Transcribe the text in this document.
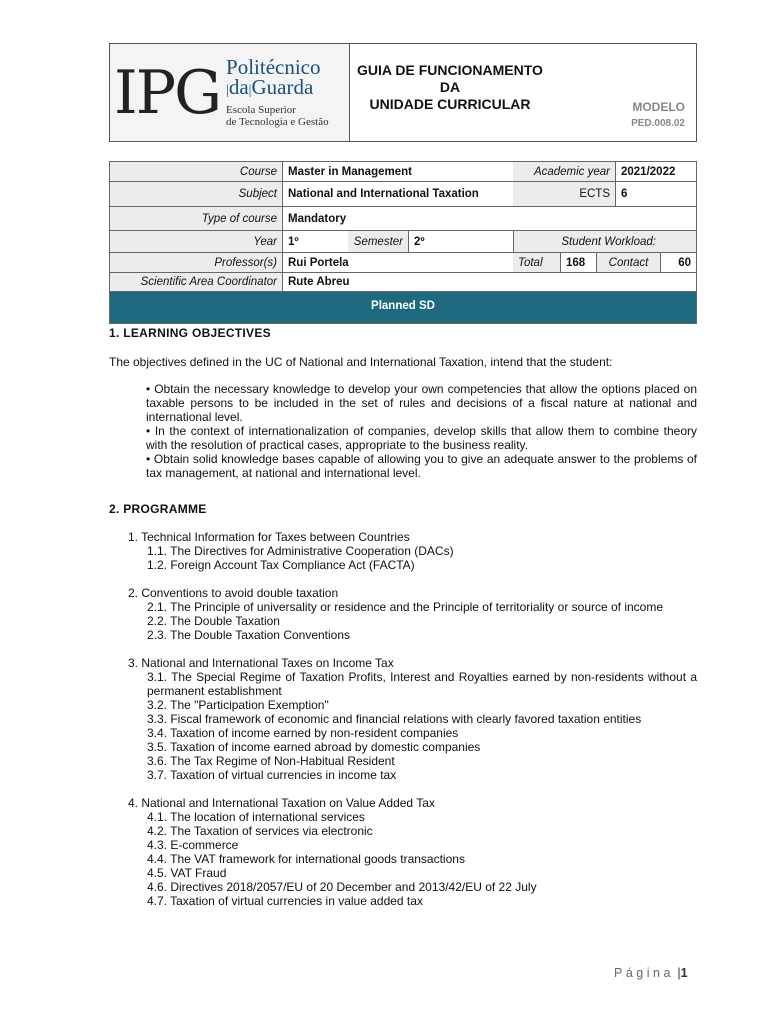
IPG Politécnico
|da|Guarda
Escola Superior
de Tecnologia e Gestão
GUIA DE FUNCIONAMENTO DA
UNIDADE CURRICULAR	MODELO
PED.008.02
Course Master in Management	Academic year 2021/2022
Subject National and International Taxation	ECTS 6
Type of course Mandatory
Year 1º	Semester 2º	Student Workload:
Professor(s) Rui Portela	Total	168	Contact	60
Scientific Area Coordinator Rute Abreu
Planned SD
1. LEARNING OBJECTIVES
The objectives defined in the UC of National and International Taxation, intend that the student:

• Obtain the necessary knowledge to develop your own competencies that allow the options placed on taxable persons to be included in the set of rules and decisions of a fiscal nature at national and international level.

• In the context of internationalization of companies, develop skills that allow them to combine theory with the resolution of practical cases, appropriate to the business reality.

• Obtain solid knowledge bases capable of allowing you to give an adequate answer to the problems of tax management, at national and international level.

2. PROGRAMME
1. Technical Information for Taxes between Countries
1.1. The Directives for Administrative Cooperation (DACs)
1.2. Foreign Account Tax Compliance Act (FACTA)
2. Conventions to avoid double taxation
2.1. The Principle of universality or residence and the Principle of territoriality or source of income
2.2. The Double Taxation
2.3. The Double Taxation Conventions
3. National and International Taxes on Income Tax
3.1. The Special Regime of Taxation Profits, Interest and Royalties earned by non-residents without a permanent establishment
3.2. The "Participation Exemption"
3.3. Fiscal framework of economic and financial relations with clearly favored taxation entities
3.4. Taxation of income earned by non-resident companies
3.5. Taxation of income earned abroad by domestic companies
3.6. The Tax Regime of Non-Habitual Resident
3.7. Taxation of virtual currencies in income tax
4. National and International Taxation on Value Added Tax
4.1. The location of international services
4.2. The Taxation of services via electronic
4.3. E-commerce
4.4. The VAT framework for international goods transactions
4.5. VAT Fraud
4.6. Directives 2018/2057/EU of 20 December and 2013/42/EU of 22 July
4.7. Taxation of virtual currencies in value added tax
Página |1
